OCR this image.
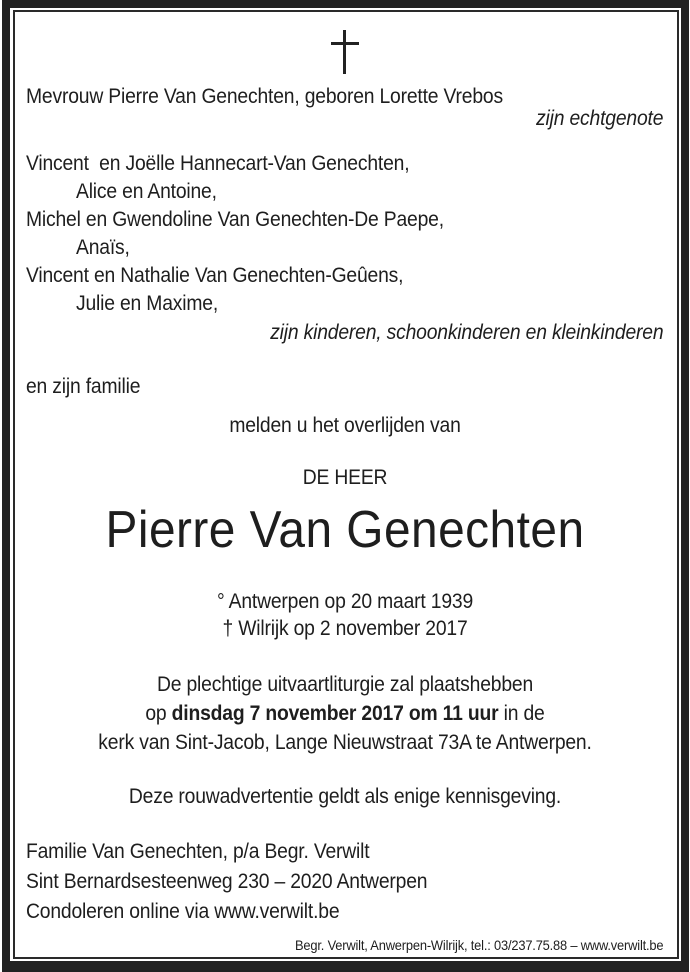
Mevrouw Pierre Van Genechten, geboren Lorette Vrebos
zijn echtgenote
Vincent  en Joëlle Hannecart-Van Genechten,
Alice en Antoine,
Michel en Gwendoline Van Genechten-De Paepe,
Anaïs,
Vincent en Nathalie Van Genechten-Geûens,
Julie en Maxime,
zijn kinderen, schoonkinderen en kleinkinderen
en zijn familie
melden u het overlijden van
DE HEER
Pierre Van Genechten
° Antwerpen op 20 maart 1939
† Wilrijk op 2 november 2017
De plechtige uitvaartliturgie zal plaatshebben
op dinsdag 7 november 2017 om 11 uur in de
kerk van Sint-Jacob, Lange Nieuwstraat 73A te Antwerpen.
Deze rouwadvertentie geldt als enige kennisgeving.
Familie Van Genechten, p/a Begr. Verwilt
Sint Bernardsesteenweg 230 – 2020 Antwerpen
Condoleren online via www.verwilt.be
Begr. Verwilt, Anwerpen-Wilrijk, tel.: 03/237.75.88 – www.verwilt.be
